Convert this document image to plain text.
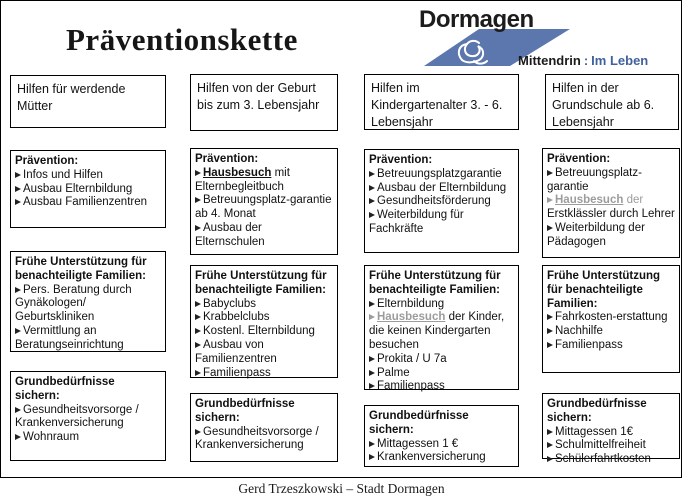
Präventionskette
Dormagen
Mittendrin : Im Leben
Hilfen für werdende Mütter
Prävention:
Infos und Hilfen
Ausbau Elternbildung
Ausbau Familienzentren
Frühe Unterstützung für benachteiligte Familien:
Pers. Beratung durch Gynäkologen/ Geburtskliniken
Vermittlung an Beratungseinrichtung
Grundbedürfnisse sichern:
Gesundheitsvorsorge / Krankenversicherung
Wohnraum
Hilfen von der Geburt bis zum 3. Lebensjahr
Prävention:
Hausbesuch mit Elternbegleitbuch
Betreuungsplatz-garantie ab 4. Monat
Ausbau der Elternschulen
Frühe Unterstützung für benachteiligte Familien:
Babyclubs
Krabbelclubs
Kostenl. Elternbildung
Ausbau von Familienzentren
Familienpass
Grundbedürfnisse sichern:
Gesundheitsvorsorge / Krankenversicherung
Hilfen im Kindergartenalter 3. - 6. Lebensjahr
Prävention:
Betreuungsplatzgarantie
Ausbau der Elternbildung
Gesundheitsförderung
Weiterbildung für Fachkräfte
Frühe Unterstützung für benachteiligte Familien:
Elternbildung
Hausbesuch der Kinder, die keinen Kindergarten besuchen
Prokita / U 7a
Palme
Familienpass
Grundbedürfnisse sichern:
Mittagessen 1 €
Krankenversicherung
Hilfen in der Grundschule ab 6. Lebensjahr
Prävention:
Betreuungsplatz-garantie
Hausbesuch der Erstklässler durch Lehrer
Weiterbildung der Pädagogen
Frühe Unterstützung für benachteiligte Familien:
Fahrkosten-erstattung
Nachhilfe
Familienpass
Grundbedürfnisse sichern:
Mittagessen 1€
Schulmittelfreiheit
Schülerfahrtkosten
Gerd Trzeszkowski – Stadt Dormagen
